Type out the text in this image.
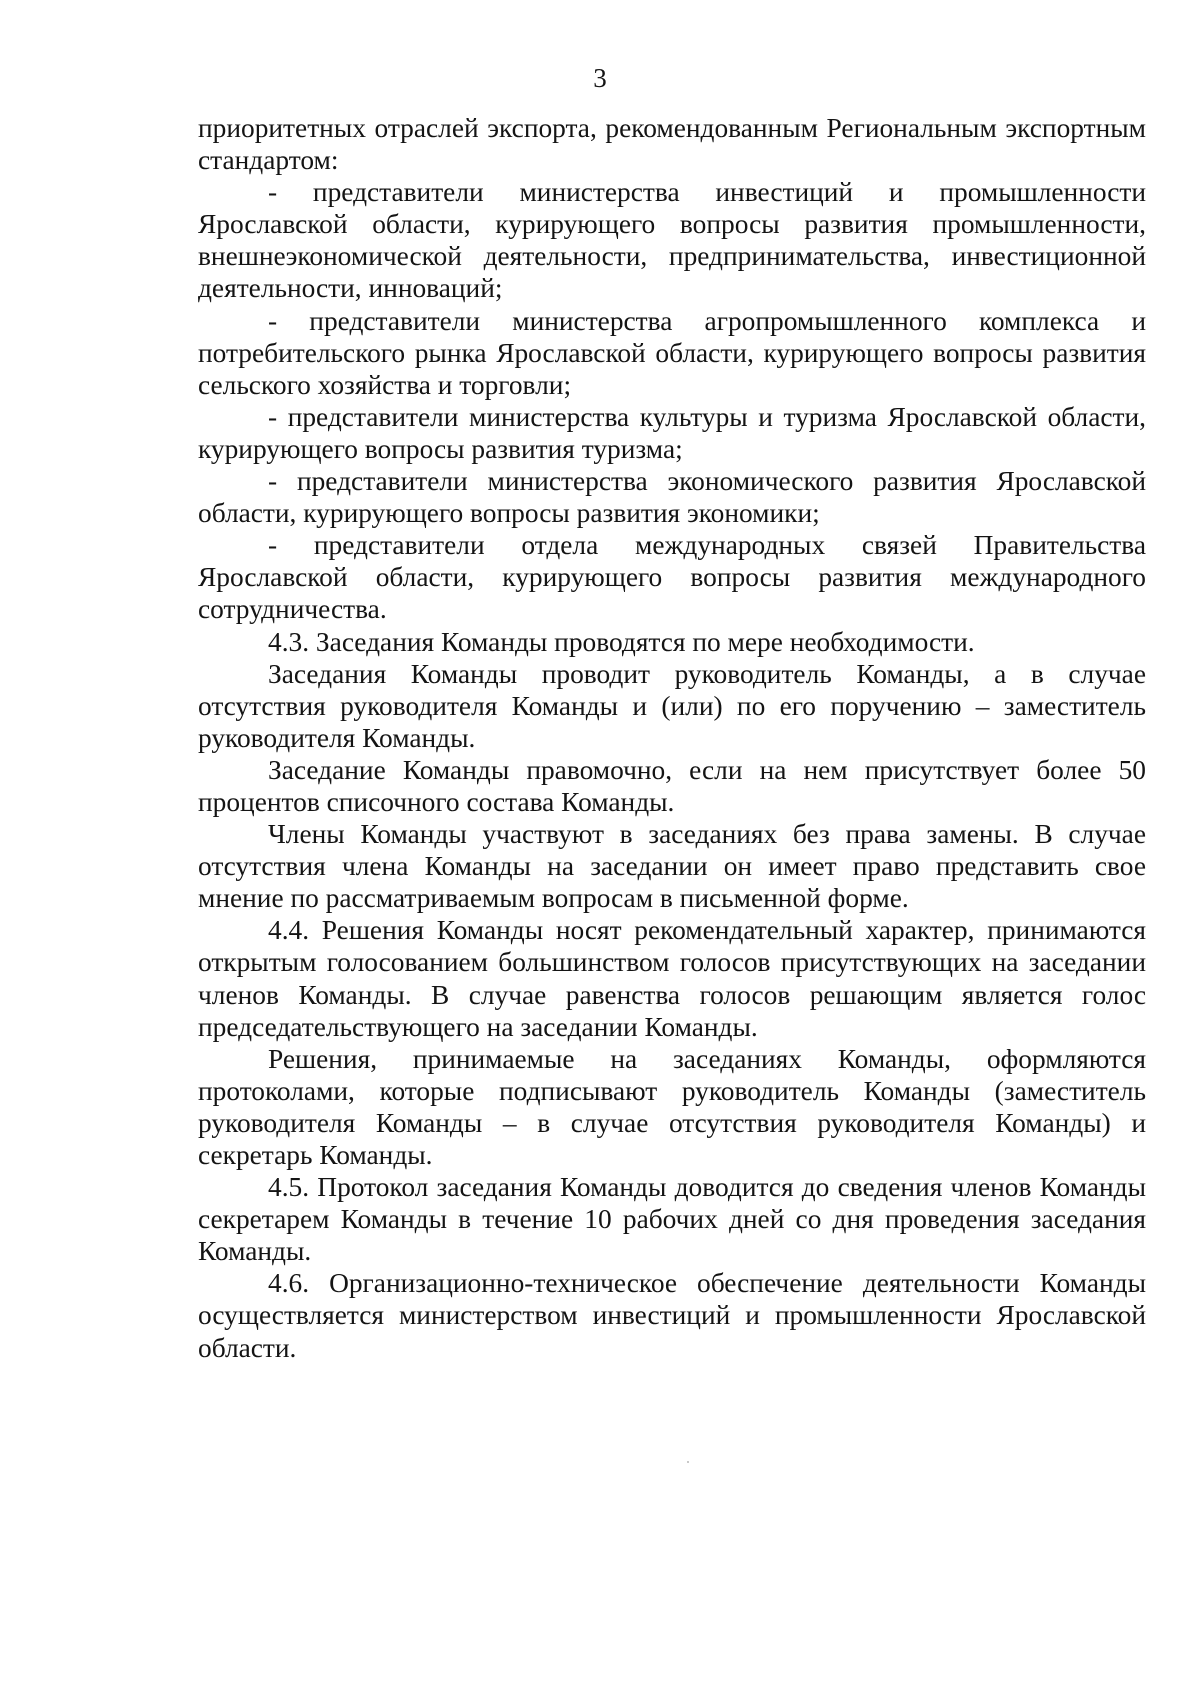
3

приоритетных отраслей экспорта, рекомендованным Региональным экспортным стандартом:

- представители министерства инвестиций и промышленности Ярославской области, курирующего вопросы развития промышленности, внешнеэкономической деятельности, предпринимательства, инвестиционной деятельности, инноваций;

- представители министерства агропромышленного комплекса и потребительского рынка Ярославской области, курирующего вопросы развития сельского хозяйства и торговли;

- представители министерства культуры и туризма Ярославской области, курирующего вопросы развития туризма;

- представители министерства экономического развития Ярославской области, курирующего вопросы развития экономики;

- представители отдела международных связей Правительства Ярославской области, курирующего вопросы развития международного сотрудничества.

4.3. Заседания Команды проводятся по мере необходимости.

Заседания Команды проводит руководитель Команды, а в случае отсутствия руководителя Команды и (или) по его поручению – заместитель руководителя Команды.

Заседание Команды правомочно, если на нем присутствует более 50 процентов списочного состава Команды.

Члены Команды участвуют в заседаниях без права замены. В случае отсутствия члена Команды на заседании он имеет право представить свое мнение по рассматриваемым вопросам в письменной форме.

4.4. Решения Команды носят рекомендательный характер, принимаются открытым голосованием большинством голосов присутствующих на заседании членов Команды. В случае равенства голосов решающим является голос председательствующего на заседании Команды.

Решения, принимаемые на заседаниях Команды, оформляются протоколами, которые подписывают руководитель Команды (заместитель руководителя Команды – в случае отсутствия руководителя Команды) и секретарь Команды.

4.5. Протокол заседания Команды доводится до сведения членов Команды секретарем Команды в течение 10 рабочих дней со дня проведения заседания Команды.

4.6. Организационно-техническое обеспечение деятельности Команды осуществляется министерством инвестиций и промышленности Ярославской области.
